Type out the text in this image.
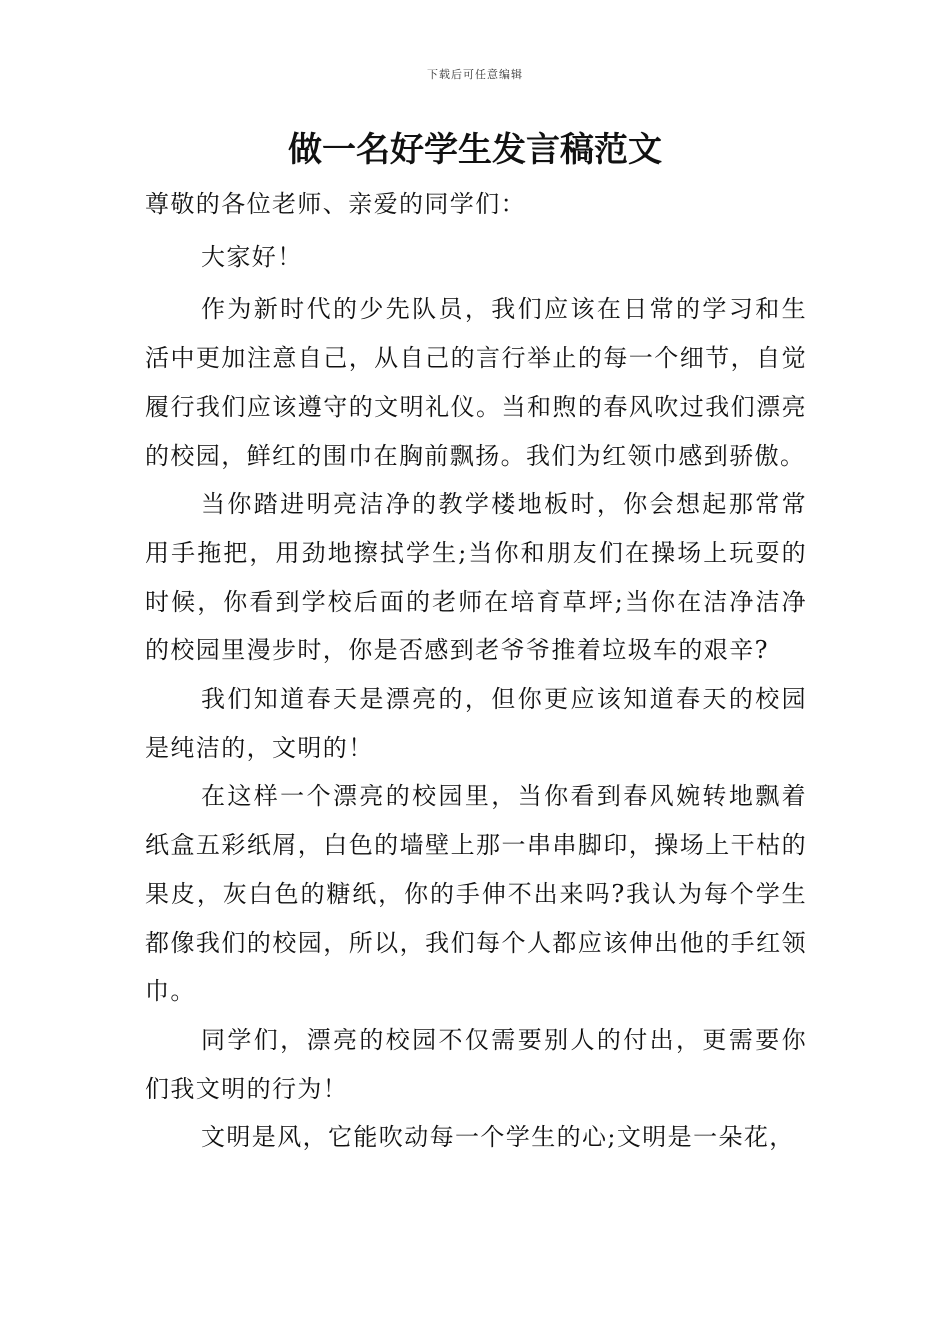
下载后可任意编辑
做一名好学生发言稿范文

尊敬的各位老师、亲爱的同学们：

大家好！

作为新时代的少先队员，我们应该在日常的学习和生活中更加注意自己，从自己的言行举止的每一个细节，自觉履行我们应该遵守的文明礼仪。当和煦的春风吹过我们漂亮的校园，鲜红的围巾在胸前飘扬。我们为红领巾感到骄傲。

当你踏进明亮洁净的教学楼地板时，你会想起那常常用手拖把，用劲地擦拭学生;当你和朋友们在操场上玩耍的时候，你看到学校后面的老师在培育草坪;当你在洁净洁净的校园里漫步时，你是否感到老爷爷推着垃圾车的艰辛?

我们知道春天是漂亮的，但你更应该知道春天的校园是纯洁的，文明的！

在这样一个漂亮的校园里，当你看到春风婉转地飘着纸盒五彩纸屑，白色的墙壁上那一串串脚印，操场上干枯的果皮，灰白色的糖纸，你的手伸不出来吗?我认为每个学生都像我们的校园，所以，我们每个人都应该伸出他的手红领巾。

同学们，漂亮的校园不仅需要别人的付出，更需要你们我文明的行为！

文明是风，它能吹动每一个学生的心;文明是一朵花，
